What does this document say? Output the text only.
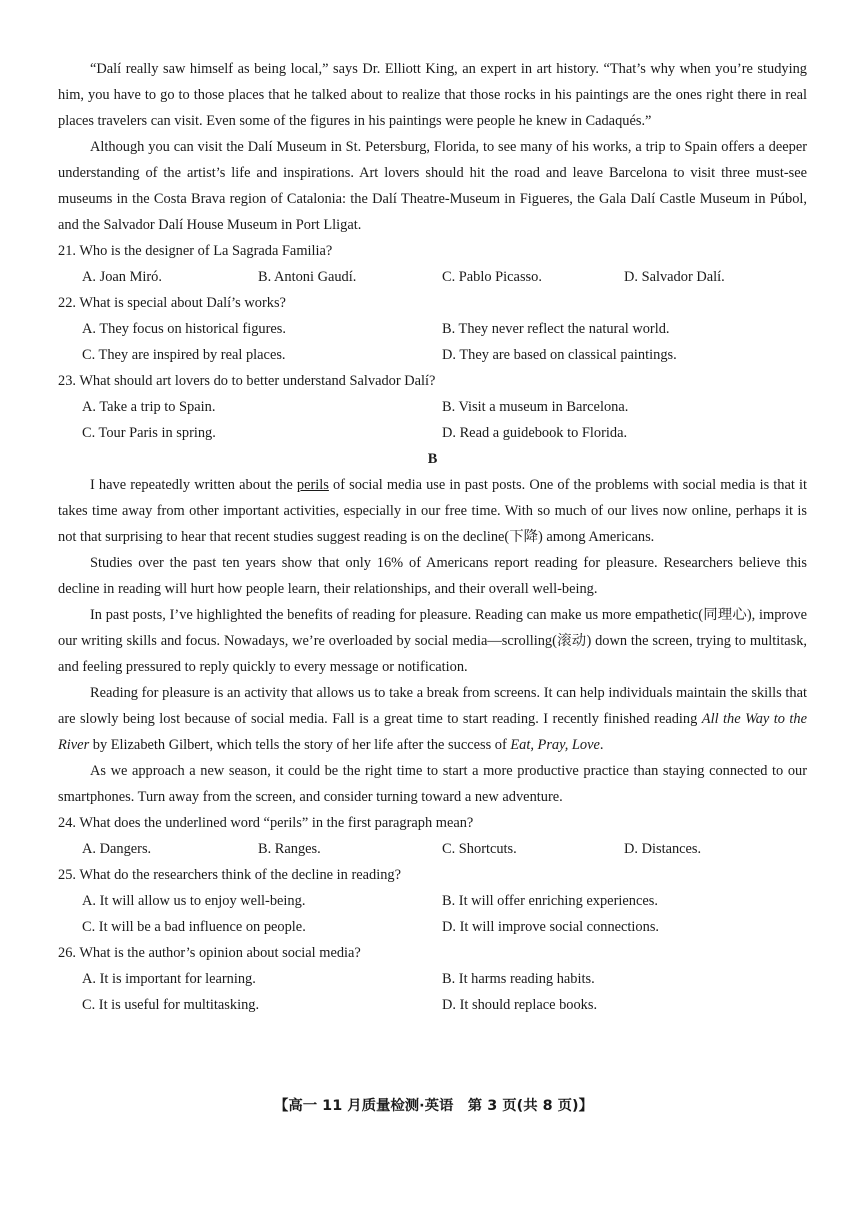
“Dalí really saw himself as being local,” says Dr. Elliott King, an expert in art history. “That’s why when you’re studying him, you have to go to those places that he talked about to realize that those rocks in his paintings are the ones right there in real places travelers can visit. Even some of the figures in his paintings were people he knew in Cadaqués.”

Although you can visit the Dalí Museum in St. Petersburg, Florida, to see many of his works, a trip to Spain offers a deeper understanding of the artist’s life and inspirations. Art lovers should hit the road and leave Barcelona to visit three must-see museums in the Costa Brava region of Catalonia: the Dalí Theatre-Museum in Figueres, the Gala Dalí Castle Museum in Púbol, and the Salvador Dalí House Museum in Port Lligat.

21. Who is the designer of La Sagrada Familia?

A. Joan Miró.	B. Antoni Gaudí.	C. Pablo Picasso.	D. Salvador Dalí.

22. What is special about Dalí’s works?

A. They focus on historical figures.	B. They never reflect the natural world.
C. They are inspired by real places.	D. They are based on classical paintings.

23. What should art lovers do to better understand Salvador Dalí?

A. Take a trip to Spain.	B. Visit a museum in Barcelona.
C. Tour Paris in spring.	D. Read a guidebook to Florida.
B

I have repeatedly written about the perils of social media use in past posts. One of the problems with social media is that it takes time away from other important activities, especially in our free time. With so much of our lives now online, perhaps it is not that surprising to hear that recent studies suggest reading is on the decline(下降) among Americans.

Studies over the past ten years show that only 16% of Americans report reading for pleasure. Researchers believe this decline in reading will hurt how people learn, their relationships, and their overall well-being.

In past posts, I’ve highlighted the benefits of reading for pleasure. Reading can make us more empathetic(同理心), improve our writing skills and focus. Nowadays, we’re overloaded by social media—scrolling(滚动) down the screen, trying to multitask, and feeling pressured to reply quickly to every message or notification.

Reading for pleasure is an activity that allows us to take a break from screens. It can help individuals maintain the skills that are slowly being lost because of social media. Fall is a great time to start reading. I recently finished reading All the Way to the River by Elizabeth Gilbert, which tells the story of her life after the success of Eat, Pray, Love.

As we approach a new season, it could be the right time to start a more productive practice than staying connected to our smartphones. Turn away from the screen, and consider turning toward a new adventure.

24. What does the underlined word “perils” in the first paragraph mean?

A. Dangers.	B. Ranges.	C. Shortcuts.	D. Distances.

25. What do the researchers think of the decline in reading?

A. It will allow us to enjoy well-being.	B. It will offer enriching experiences.
C. It will be a bad influence on people.	D. It will improve social connections.

26. What is the author’s opinion about social media?

A. It is important for learning.	B. It harms reading habits.
C. It is useful for multitasking.	D. It should replace books.
【高一 11 月质量检测·英语　第 3 页(共 8 页)】
